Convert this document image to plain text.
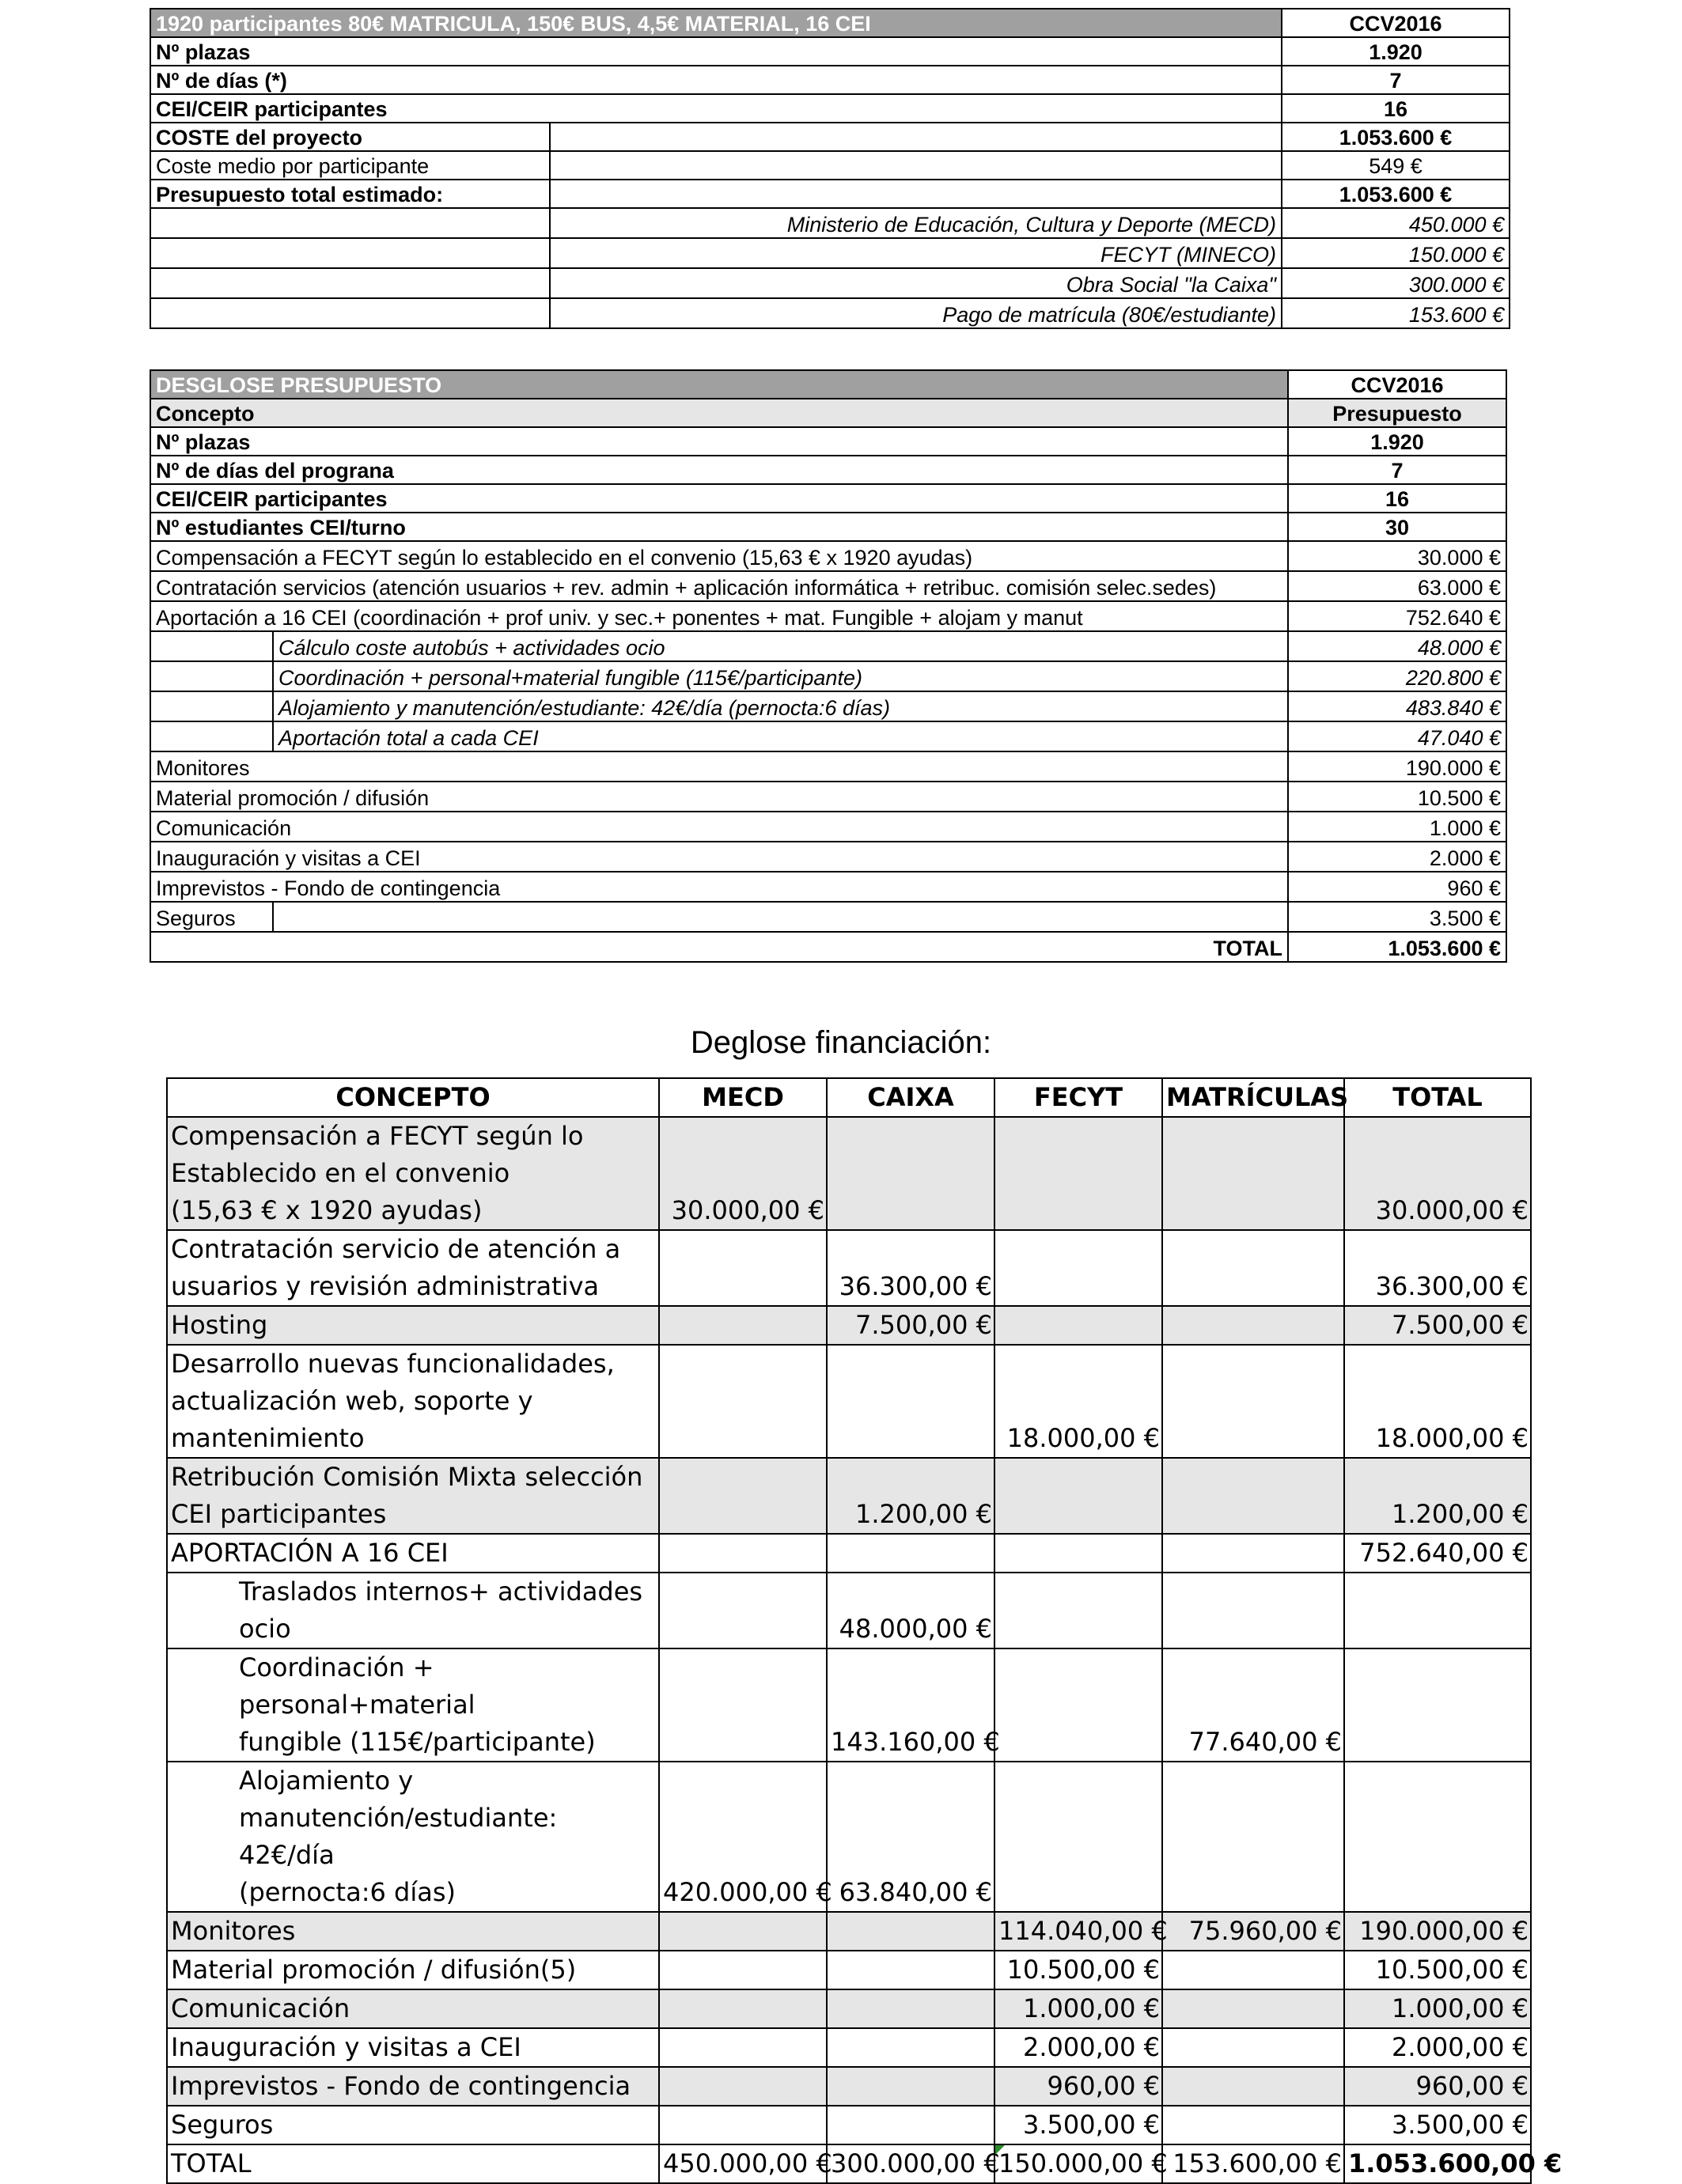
1920 participantes 80€ MATRICULA, 150€ BUS, 4,5€ MATERIAL, 16 CEI		CCV2016
Nº plazas		1.920
Nº de días (*)		7
CEI/CEIR participantes		16
COSTE del proyecto		1.053.600 €
Coste medio por participante		549 €
Presupuesto total estimado:		1.053.600 €
	Ministerio de Educación, Cultura y Deporte (MECD)	450.000 €
	FECYT (MINECO)	150.000 €
	Obra Social "la Caixa"	300.000 €
	Pago de matrícula (80€/estudiante)	153.600 €
DESGLOSE PRESUPUESTO		CCV2016
Concepto		Presupuesto
Nº plazas		1.920
Nº de días del prograna		7
CEI/CEIR participantes		16
Nº estudiantes CEI/turno		30
Compensación a FECYT según lo establecido en el convenio (15,63 € x 1920 ayudas)		30.000 €
Contratación servicios (atención usuarios + rev. admin + aplicación informática + retribuc. comisión selec.sedes)		63.000 €
Aportación a 16 CEI (coordinación + prof univ. y sec.+ ponentes + mat. Fungible + alojam y manut		752.640 €
	Cálculo coste autobús + actividades ocio	48.000 €
	Coordinación + personal+material fungible (115€/participante)	220.800 €
	Alojamiento y manutención/estudiante: 42€/día (pernocta:6 días)	483.840 €
	Aportación total a cada CEI	47.040 €
Monitores		190.000 €
Material promoción / difusión		10.500 €
Comunicación		1.000 €
Inauguración y visitas a CEI		2.000 €
Imprevistos - Fondo de contingencia		960 €
Seguros		3.500 €
TOTAL		1.053.600 €
Deglose financiación:
CONCEPTO	MECD	CAIXA	FECYT	MATRÍCULAS	TOTAL

Compensación a FECYT según lo
Establecido en el convenio
(15,63 € x 1920 ayudas)	30.000,00 €				30.000,00 €

Contratación servicio de atención a
usuarios y revisión administrativa		36.300,00 €			36.300,00 €

Hosting		7.500,00 €			7.500,00 €

Desarrollo nuevas funcionalidades,
actualización web, soporte y
mantenimiento			18.000,00 €		18.000,00 €

Retribución Comisión Mixta selección
CEI participantes		1.200,00 €			1.200,00 €

APORTACIÓN A 16 CEI					752.640,00 €

Traslados internos+ actividades
ocio		48.000,00 €			

Coordinación + personal+material
fungible (115€/participante)		143.160,00 €		77.640,00 €	

Alojamiento y
manutención/estudiante: 42€/día
(pernocta:6 días)	420.000,00 €	63.840,00 €			

Monitores			114.040,00 €	75.960,00 €	190.000,00 €

Material promoción / difusión(5)			10.500,00 €		10.500,00 €

Comunicación			1.000,00 €		1.000,00 €

Inauguración y visitas a CEI			2.000,00 €		2.000,00 €

Imprevistos - Fondo de contingencia			960,00 €		960,00 €

Seguros			3.500,00 €		3.500,00 €
TOTAL	450.000,00 €	300.000,00 €	150.000,00 €	153.600,00 €	1.053.600,00 €
